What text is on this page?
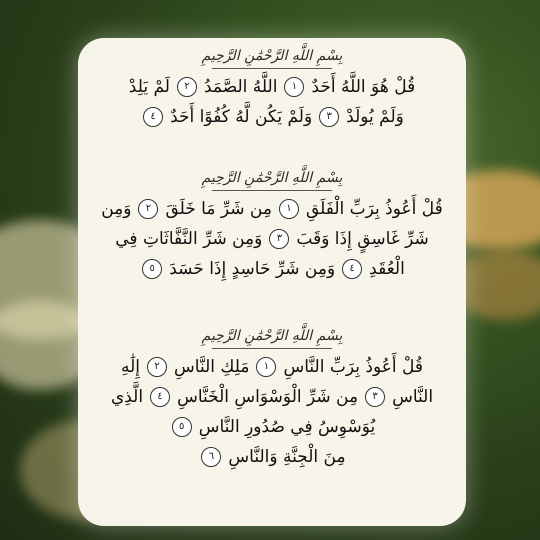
بِسْمِ اللَّهِ الرَّحْمَٰنِ الرَّحِيمِ
قُلْ هُوَ اللَّهُ أَحَدٌ
١
اللَّهُ الصَّمَدُ
٢
لَمْ يَلِدْ
وَلَمْ يُولَدْ
٣
وَلَمْ يَكُن لَّهُ كُفُوًا أَحَدٌ
٤
بِسْمِ اللَّهِ الرَّحْمَٰنِ الرَّحِيمِ
قُلْ أَعُوذُ بِرَبِّ الْفَلَقِ
١
مِن شَرِّ مَا خَلَقَ
٢
وَمِن
شَرِّ غَاسِقٍ إِذَا وَقَبَ
٣
وَمِن شَرِّ النَّفَّاثَاتِ فِي
الْعُقَدِ
٤
وَمِن شَرِّ حَاسِدٍ إِذَا حَسَدَ
٥
بِسْمِ اللَّهِ الرَّحْمَٰنِ الرَّحِيمِ
قُلْ أَعُوذُ بِرَبِّ النَّاسِ
١
مَلِكِ النَّاسِ
٢
إِلَٰهِ
النَّاسِ
٣
مِن شَرِّ الْوَسْوَاسِ الْخَنَّاسِ
٤
الَّذِي
يُوَسْوِسُ فِي صُدُورِ النَّاسِ
٥
مِنَ الْجِنَّةِ وَالنَّاسِ
٦
